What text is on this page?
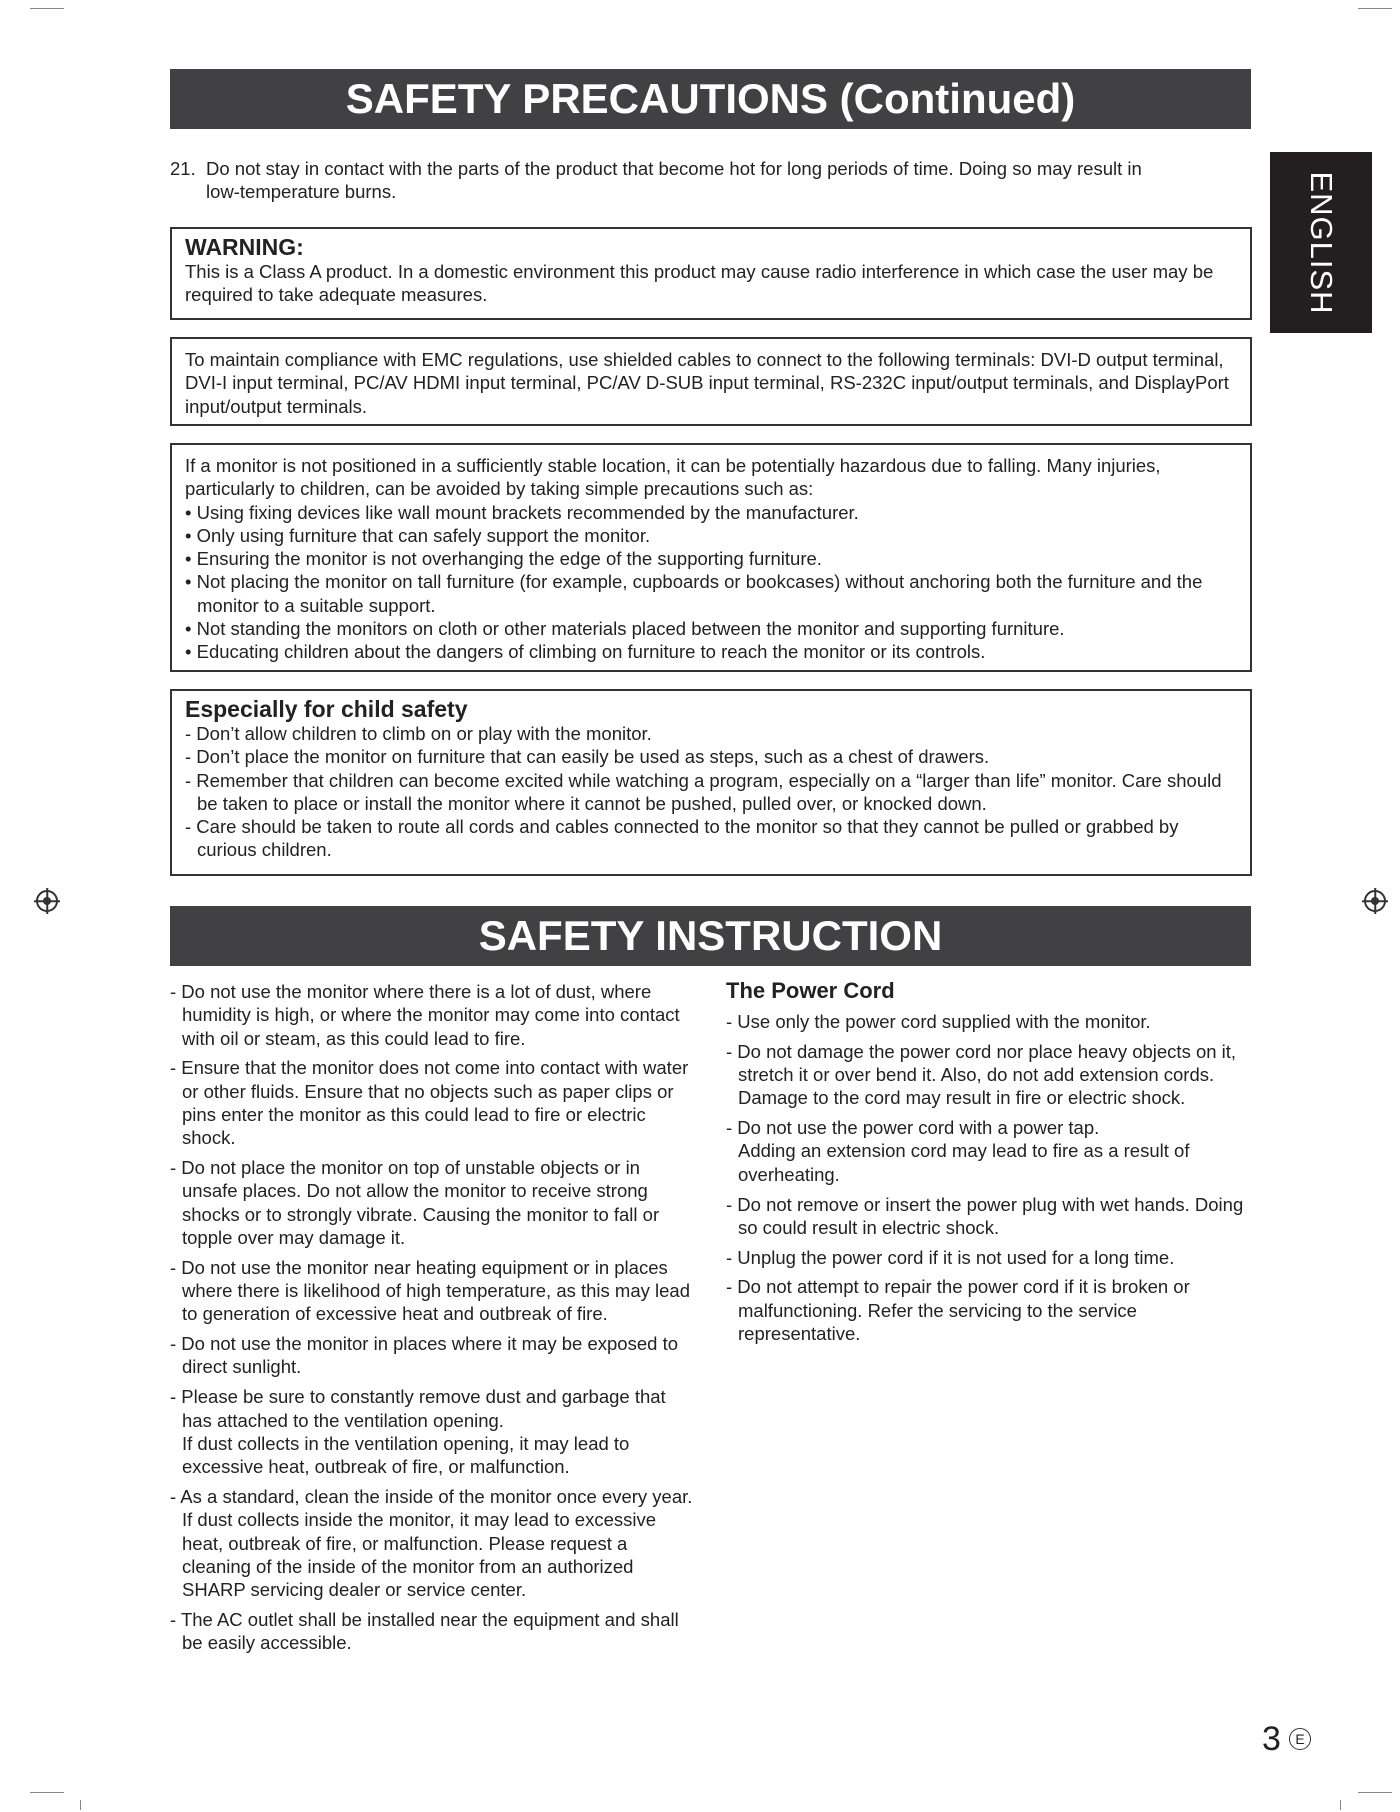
ENGLISH
SAFETY PRECAUTIONS (Continued)
21. Do not stay in contact with the parts of the product that become hot for long periods of time. Doing so may result in low-temperature burns.
WARNING:
This is a Class A product. In a domestic environment this product may cause radio interference in which case the user may be required to take adequate measures.
To maintain compliance with EMC regulations, use shielded cables to connect to the following terminals: DVI-D output terminal, DVI-I input terminal, PC/AV HDMI input terminal, PC/AV D-SUB input terminal, RS-232C input/output terminals, and DisplayPort input/output terminals.
If a monitor is not positioned in a sufficiently stable location, it can be potentially hazardous due to falling. Many injuries, particularly to children, can be avoided by taking simple precautions such as:
• Using fixing devices like wall mount brackets recommended by the manufacturer.
• Only using furniture that can safely support the monitor.
• Ensuring the monitor is not overhanging the edge of the supporting furniture.
• Not placing the monitor on tall furniture (for example, cupboards or bookcases) without anchoring both the furniture and the monitor to a suitable support.
• Not standing the monitors on cloth or other materials placed between the monitor and supporting furniture.
• Educating children about the dangers of climbing on furniture to reach the monitor or its controls.
Especially for child safety
- Don’t allow children to climb on or play with the monitor.
- Don’t place the monitor on furniture that can easily be used as steps, such as a chest of drawers.
- Remember that children can become excited while watching a program, especially on a “larger than life” monitor. Care should be taken to place or install the monitor where it cannot be pushed, pulled over, or knocked down.
- Care should be taken to route all cords and cables connected to the monitor so that they cannot be pulled or grabbed by curious children.
SAFETY INSTRUCTION

- Do not use the monitor where there is a lot of dust, where humidity is high, or where the monitor may come into contact with oil or steam, as this could lead to fire.

- Ensure that the monitor does not come into contact with water or other fluids. Ensure that no objects such as paper clips or pins enter the monitor as this could lead to fire or electric shock.

- Do not place the monitor on top of unstable objects or in unsafe places. Do not allow the monitor to receive strong shocks or to strongly vibrate. Causing the monitor to fall or topple over may damage it.

- Do not use the monitor near heating equipment or in places where there is likelihood of high temperature, as this may lead to generation of excessive heat and outbreak of fire.

- Do not use the monitor in places where it may be exposed to direct sunlight.

- Please be sure to constantly remove dust and garbage that has attached to the ventilation opening.

If dust collects in the ventilation opening, it may lead to excessive heat, outbreak of fire, or malfunction.

- As a standard, clean the inside of the monitor once every year. If dust collects inside the monitor, it may lead to excessive heat, outbreak of fire, or malfunction. Please request a cleaning of the inside of the monitor from an authorized SHARP servicing dealer or service center.

- The AC outlet shall be installed near the equipment and shall be easily accessible.

The Power Cord

- Use only the power cord supplied with the monitor.

- Do not damage the power cord nor place heavy objects on it, stretch it or over bend it. Also, do not add extension cords. Damage to the cord may result in fire or electric shock.

- Do not use the power cord with a power tap.

Adding an extension cord may lead to fire as a result of overheating.

- Do not remove or insert the power plug with wet hands. Doing so could result in electric shock.

- Unplug the power cord if it is not used for a long time.

- Do not attempt to repair the power cord if it is broken or malfunctioning. Refer the servicing to the service representative.

3	E
